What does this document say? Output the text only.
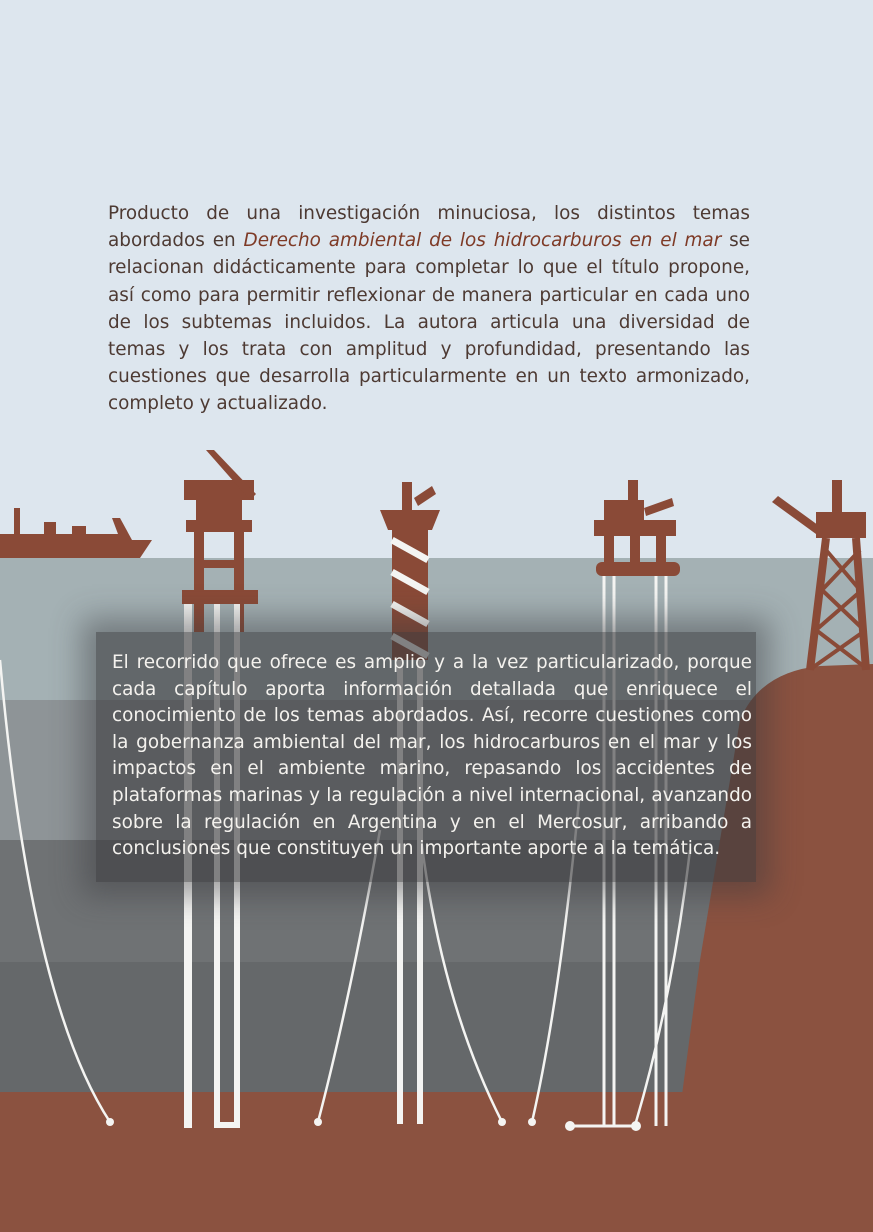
Producto de una investigación minuciosa, los distintos temas abordados en Derecho ambiental de los hidrocarburos en el mar se relacionan didácticamente para completar lo que el título propone, así como para permitir reflexionar de manera particular en cada uno de los subtemas incluidos. La autora articula una diversidad de temas y los trata con amplitud y profundidad, presentando las cuestiones que desarrolla particularmente en un texto armonizado, completo y actualizado.

El recorrido que ofrece es amplio y a la vez particularizado, porque cada capítulo aporta información detallada que enriquece el conocimiento de los temas abordados. Así, recorre cuestiones como la gobernanza ambiental del mar, los hidrocarburos en el mar y los impactos en el ambiente marino, repasando los accidentes de plataformas marinas y la regulación a nivel internacional, avanzando sobre la regulación en Argentina y en el Mercosur, arribando a conclusiones que constituyen un importante aporte a la temática.
